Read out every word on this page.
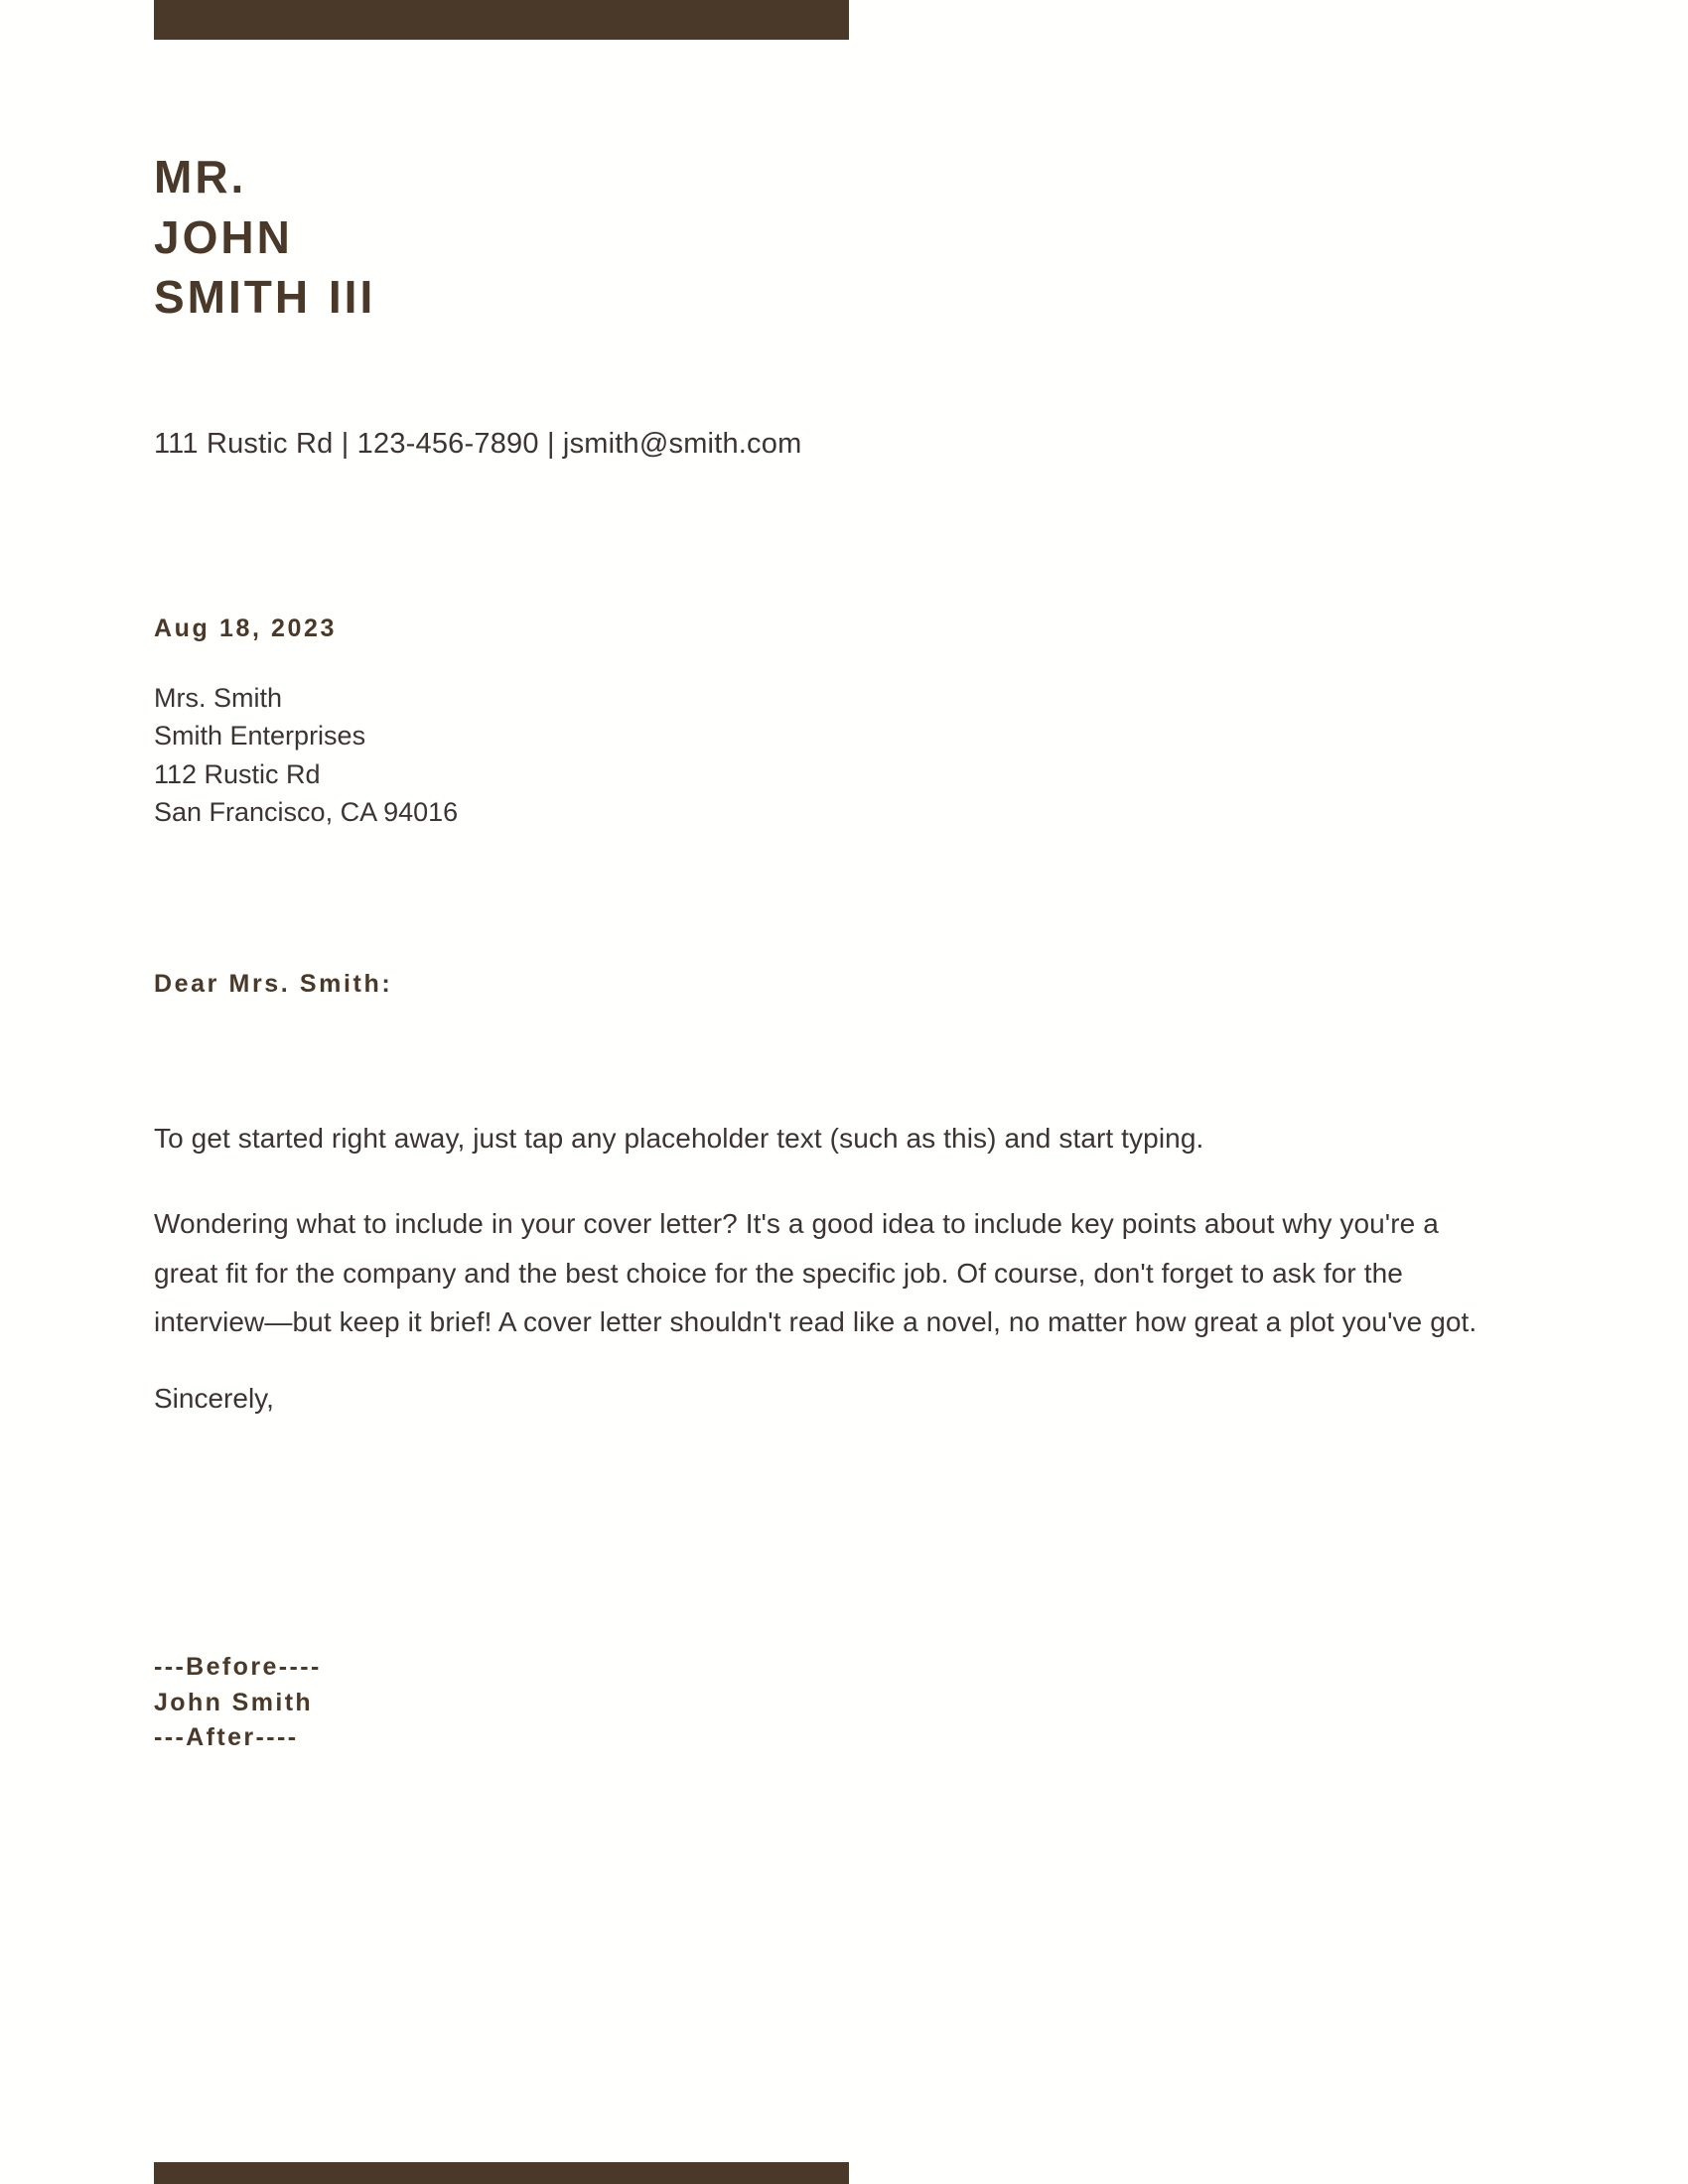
MR. JOHN SMITH III
111 Rustic Rd | 123-456-7890 | jsmith@smith.com
Aug 18, 2023
Mrs. Smith
Smith Enterprises
112 Rustic Rd
San Francisco, CA 94016
Dear Mrs. Smith:

To get started right away, just tap any placeholder text (such as this) and start typing.

Wondering what to include in your cover letter? It's a good idea to include key points about why you're a great fit for the company and the best choice for the specific job. Of course, don't forget to ask for the interview—but keep it brief! A cover letter shouldn't read like a novel, no matter how great a plot you've got.

Sincerely,

---Before----
John Smith
---After----
